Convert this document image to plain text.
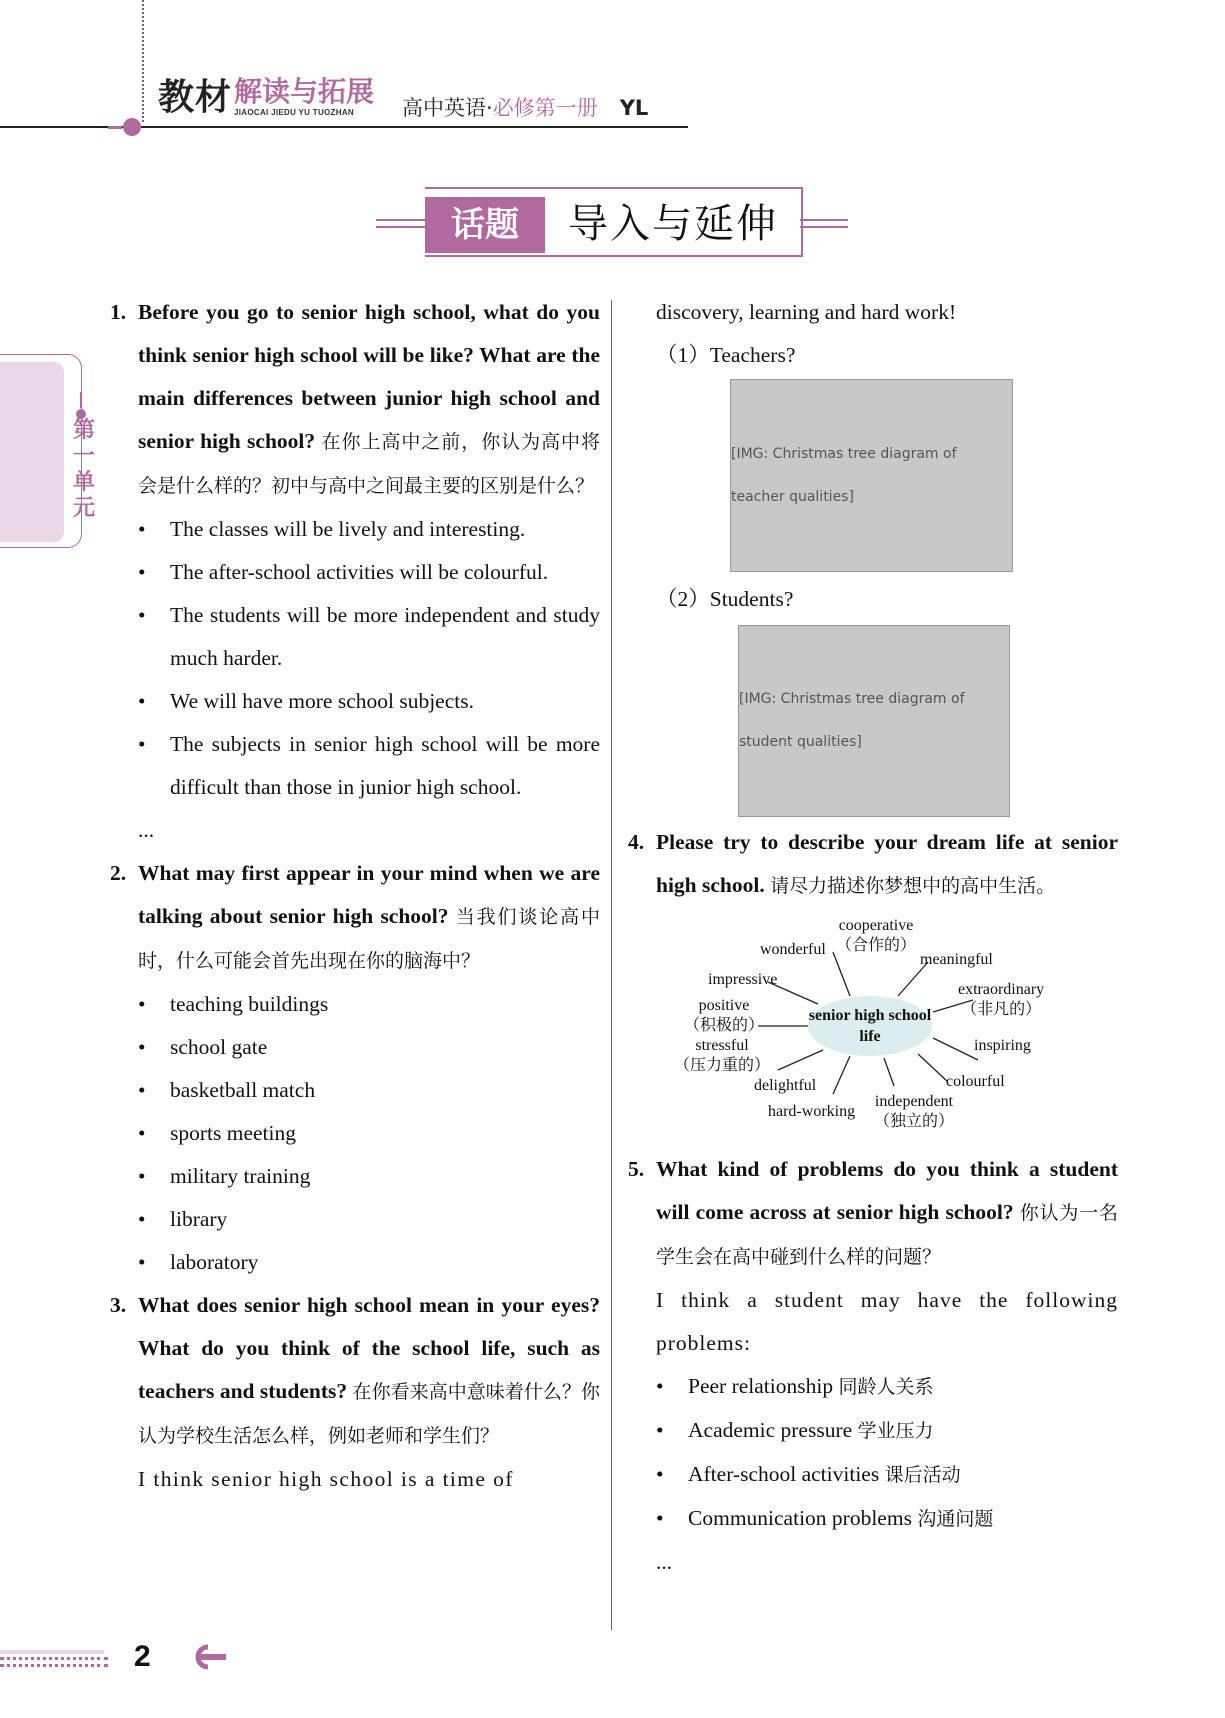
教材 解读与拓展
JIAOCAI JIEDU YU TUOZHAN	高中英语·必修第一册 YL
话题	导入与延伸
第一单元
1. Before you go to senior high school, what do you think senior high school will be like? What are the main differences between junior high school and senior high school? 在你上高中之前，你认为高中将会是什么样的？初中与高中之间最主要的区别是什么？
• The classes will be lively and interesting.
• The after-school activities will be colourful.
• The students will be more independent and study much harder.
• We will have more school subjects.
• The subjects in senior high school will be more difficult than those in junior high school.
...
2. What may first appear in your mind when we are talking about senior high school? 当我们谈论高中时，什么可能会首先出现在你的脑海中？
• teaching buildings
• school gate
• basketball match
• sports meeting
• military training
• library
• laboratory
3. What does senior high school mean in your eyes? What do you think of the school life, such as teachers and students? 在你看来高中意味着什么？你认为学校生活怎么样，例如老师和学生们？
I think senior high school is a time of
discovery, learning and hard work!
（1）Teachers?
[IMG: Christmas tree diagram of teacher qualities]
（2）Students?
[IMG: Christmas tree diagram of student qualities]
4. Please try to describe your dream life at senior high school. 请尽力描述你梦想中的高中生活。
senior high school life
cooperative
（合作的）
wonderful
meaningful
impressive
extraordinary
（非凡的）
positive
（积极的）
stressful
（压力重的）
inspiring
delightful	colourful
hard-working
independent
（独立的）
5. What kind of problems do you think a student will come across at senior high school? 你认为一名学生会在高中碰到什么样的问题？
I think a student may have the following problems:
• Peer relationship 同龄人关系
• Academic pressure 学业压力
• After-school activities 课后活动
• Communication problems 沟通问题
...
2
